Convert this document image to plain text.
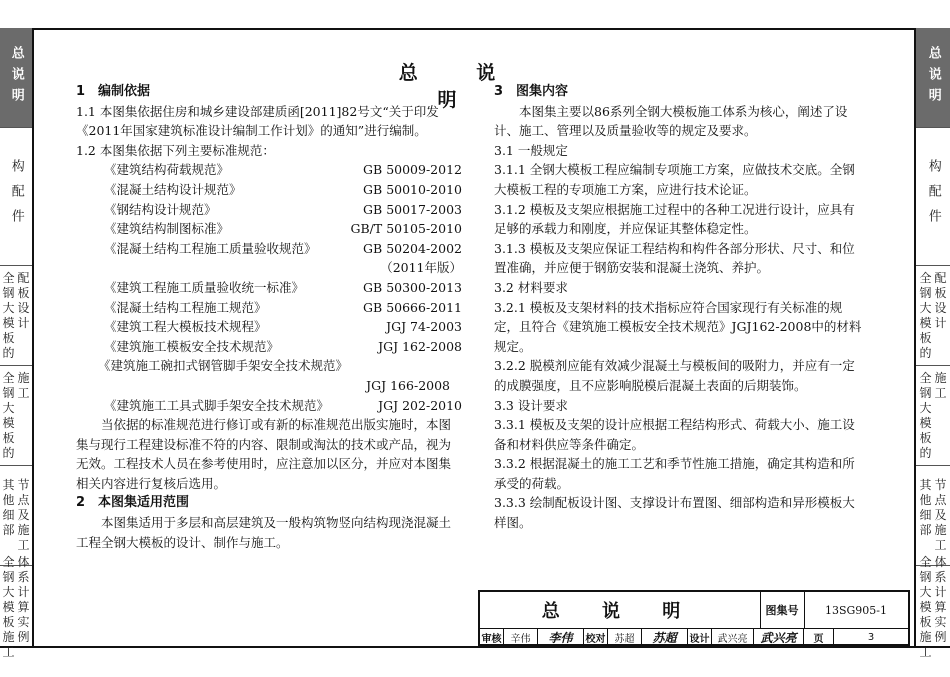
总说明
构配件
全钢大模板的
配板设计
全钢大模板的
施工
其他细部
节点及施工
全钢大模板施工
体系计算实例
总说明
构配件
全钢大模板的
配板设计
全钢大模板的
施工
其他细部
节点及施工
全钢大模板施工
体系计算实例
总 说 明
1　编制依据

1.1 本图集依据住房和城乡建设部建质函[2011]82号文“关于印发《2011年国家建筑标准设计编制工作计划》的通知”进行编制。

1.2 本图集依据下列主要标准规范：

《建筑结构荷载规范》	GB 50009-2012
《混凝土结构设计规范》	GB 50010-2010
《钢结构设计规范》	GB 50017-2003
《建筑结构制图标准》	GB/T 50105-2010
《混凝土结构工程施工质量验收规范》	GB 50204-2002
（2011年版）
《建筑工程施工质量验收统一标准》	GB 50300-2013
《混凝土结构工程施工规范》	GB 50666-2011
《建筑工程大模板技术规程》	JGJ 74-2003
《建筑施工模板安全技术规范》	JGJ 162-2008
《建筑施工碗扣式钢管脚手架安全技术规范》
JGJ 166-2008
《建筑施工工具式脚手架安全技术规范》	JGJ 202-2010

当依据的标准规范进行修订或有新的标准规范出版实施时，本图集与现行工程建设标准不符的内容、限制或淘汰的技术或产品，视为无效。工程技术人员在参考使用时，应注意加以区分，并应对本图集相关内容进行复核后选用。

2　本图集适用范围

本图集适用于多层和高层建筑及一般构筑物竖向结构现浇混凝土工程全钢大模板的设计、制作与施工。

3　图集内容

本图集主要以86系列全钢大模板施工体系为核心，阐述了设计、施工、管理以及质量验收等的规定及要求。

3.1 一般规定

3.1.1 全钢大模板工程应编制专项施工方案，应做技术交底。全钢大模板工程的专项施工方案，应进行技术论证。

3.1.2 模板及支架应根据施工过程中的各种工况进行设计，应具有足够的承载力和刚度，并应保证其整体稳定性。

3.1.3 模板及支架应保证工程结构和构件各部分形状、尺寸、和位置准确，并应便于钢筋安装和混凝土浇筑、养护。

3.2 材料要求

3.2.1 模板及支架材料的技术指标应符合国家现行有关标准的规定，且符合《建筑施工模板安全技术规范》JGJ162-2008中的材料规定。

3.2.2 脱模剂应能有效减少混凝土与模板间的吸附力，并应有一定的成膜强度，且不应影响脱模后混凝土表面的后期装饰。

3.3 设计要求

3.3.1 模板及支架的设计应根据工程结构形式、荷载大小、施工设备和材料供应等条件确定。

3.3.2 根据混凝土的施工工艺和季节性施工措施，确定其构造和所承受的荷载。

3.3.3 绘制配板设计图、支撑设计布置图、细部构造和异形模板大样图。

总 说 明	图集号	13SG905-1
审核 辛伟	李伟	校对 苏超	苏超	设计 武兴亮	武兴亮	页	3
